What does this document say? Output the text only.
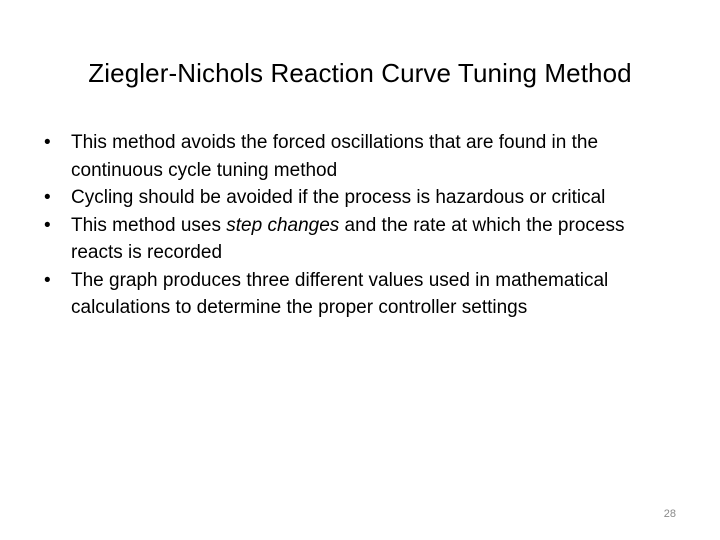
Ziegler-Nichols Reaction Curve Tuning Method
•	This method avoids the forced oscillations that are found in the continuous cycle tuning method
•	Cycling should be avoided if the process is hazardous or critical
•	This method uses step changes and the rate at which the process reacts is recorded
•	The graph produces three different values used in mathematical calculations to determine the proper controller settings
28
